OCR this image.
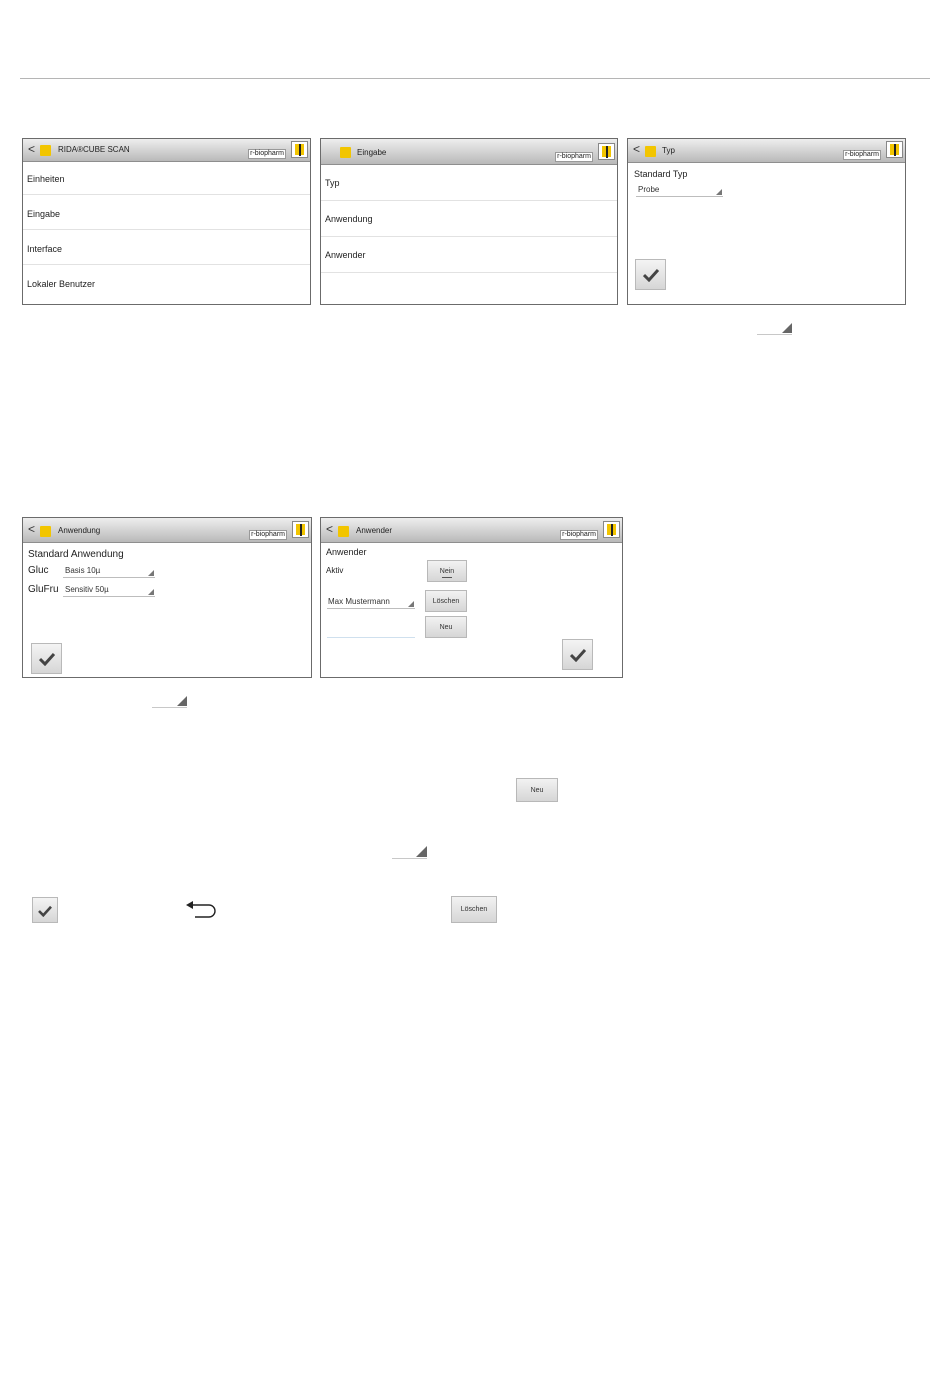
<	RIDA®CUBE SCAN	r-biopharm
Einheiten
Eingabe
Interface
Lokaler Benutzer
Eingabe	r-biopharm
Typ
Anwendung
Anwender
<	Typ	r-biopharm
Standard Typ
Probe
<	Anwendung	r-biopharm
Standard Anwendung
Gluc Basis 10µ
GluFru Sensitiv 50µ
<	Anwender	r-biopharm
Anwender
Aktiv	Nein
Max Mustermann	Löschen
Neu
Neu
Löschen
